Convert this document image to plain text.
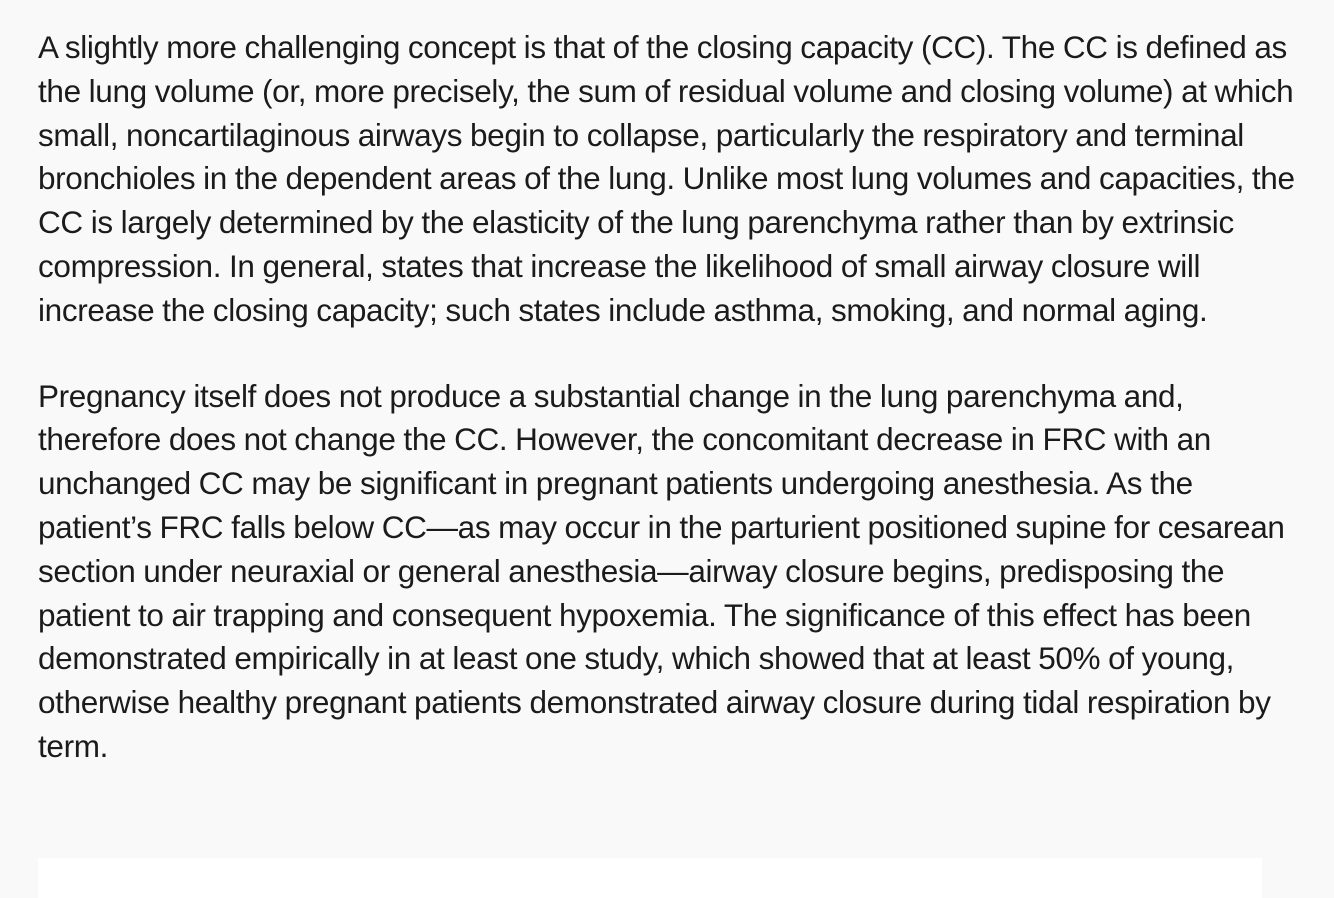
A slightly more challenging concept is that of the closing capacity (CC). The CC is defined as the lung volume (or, more precisely, the sum of residual volume and closing volume) at which small, noncartilaginous airways begin to collapse, particularly the respiratory and terminal bronchioles in the dependent areas of the lung. Unlike most lung volumes and capacities, the CC is largely determined by the elasticity of the lung parenchyma rather than by extrinsic compression. In general, states that increase the likelihood of small airway closure will increase the closing capacity; such states include asthma, smoking, and normal aging.

Pregnancy itself does not produce a substantial change in the lung parenchyma and, therefore does not change the CC. However, the concomitant decrease in FRC with an unchanged CC may be significant in pregnant patients undergoing anesthesia. As the patient’s FRC falls below CC—as may occur in the parturient positioned supine for cesarean section under neuraxial or general anesthesia—airway closure begins, predisposing the patient to air trapping and consequent hypoxemia. The significance of this effect has been demonstrated empirically in at least one study, which showed that at least 50% of young, otherwise healthy pregnant patients demonstrated airway closure during tidal respiration by term.
